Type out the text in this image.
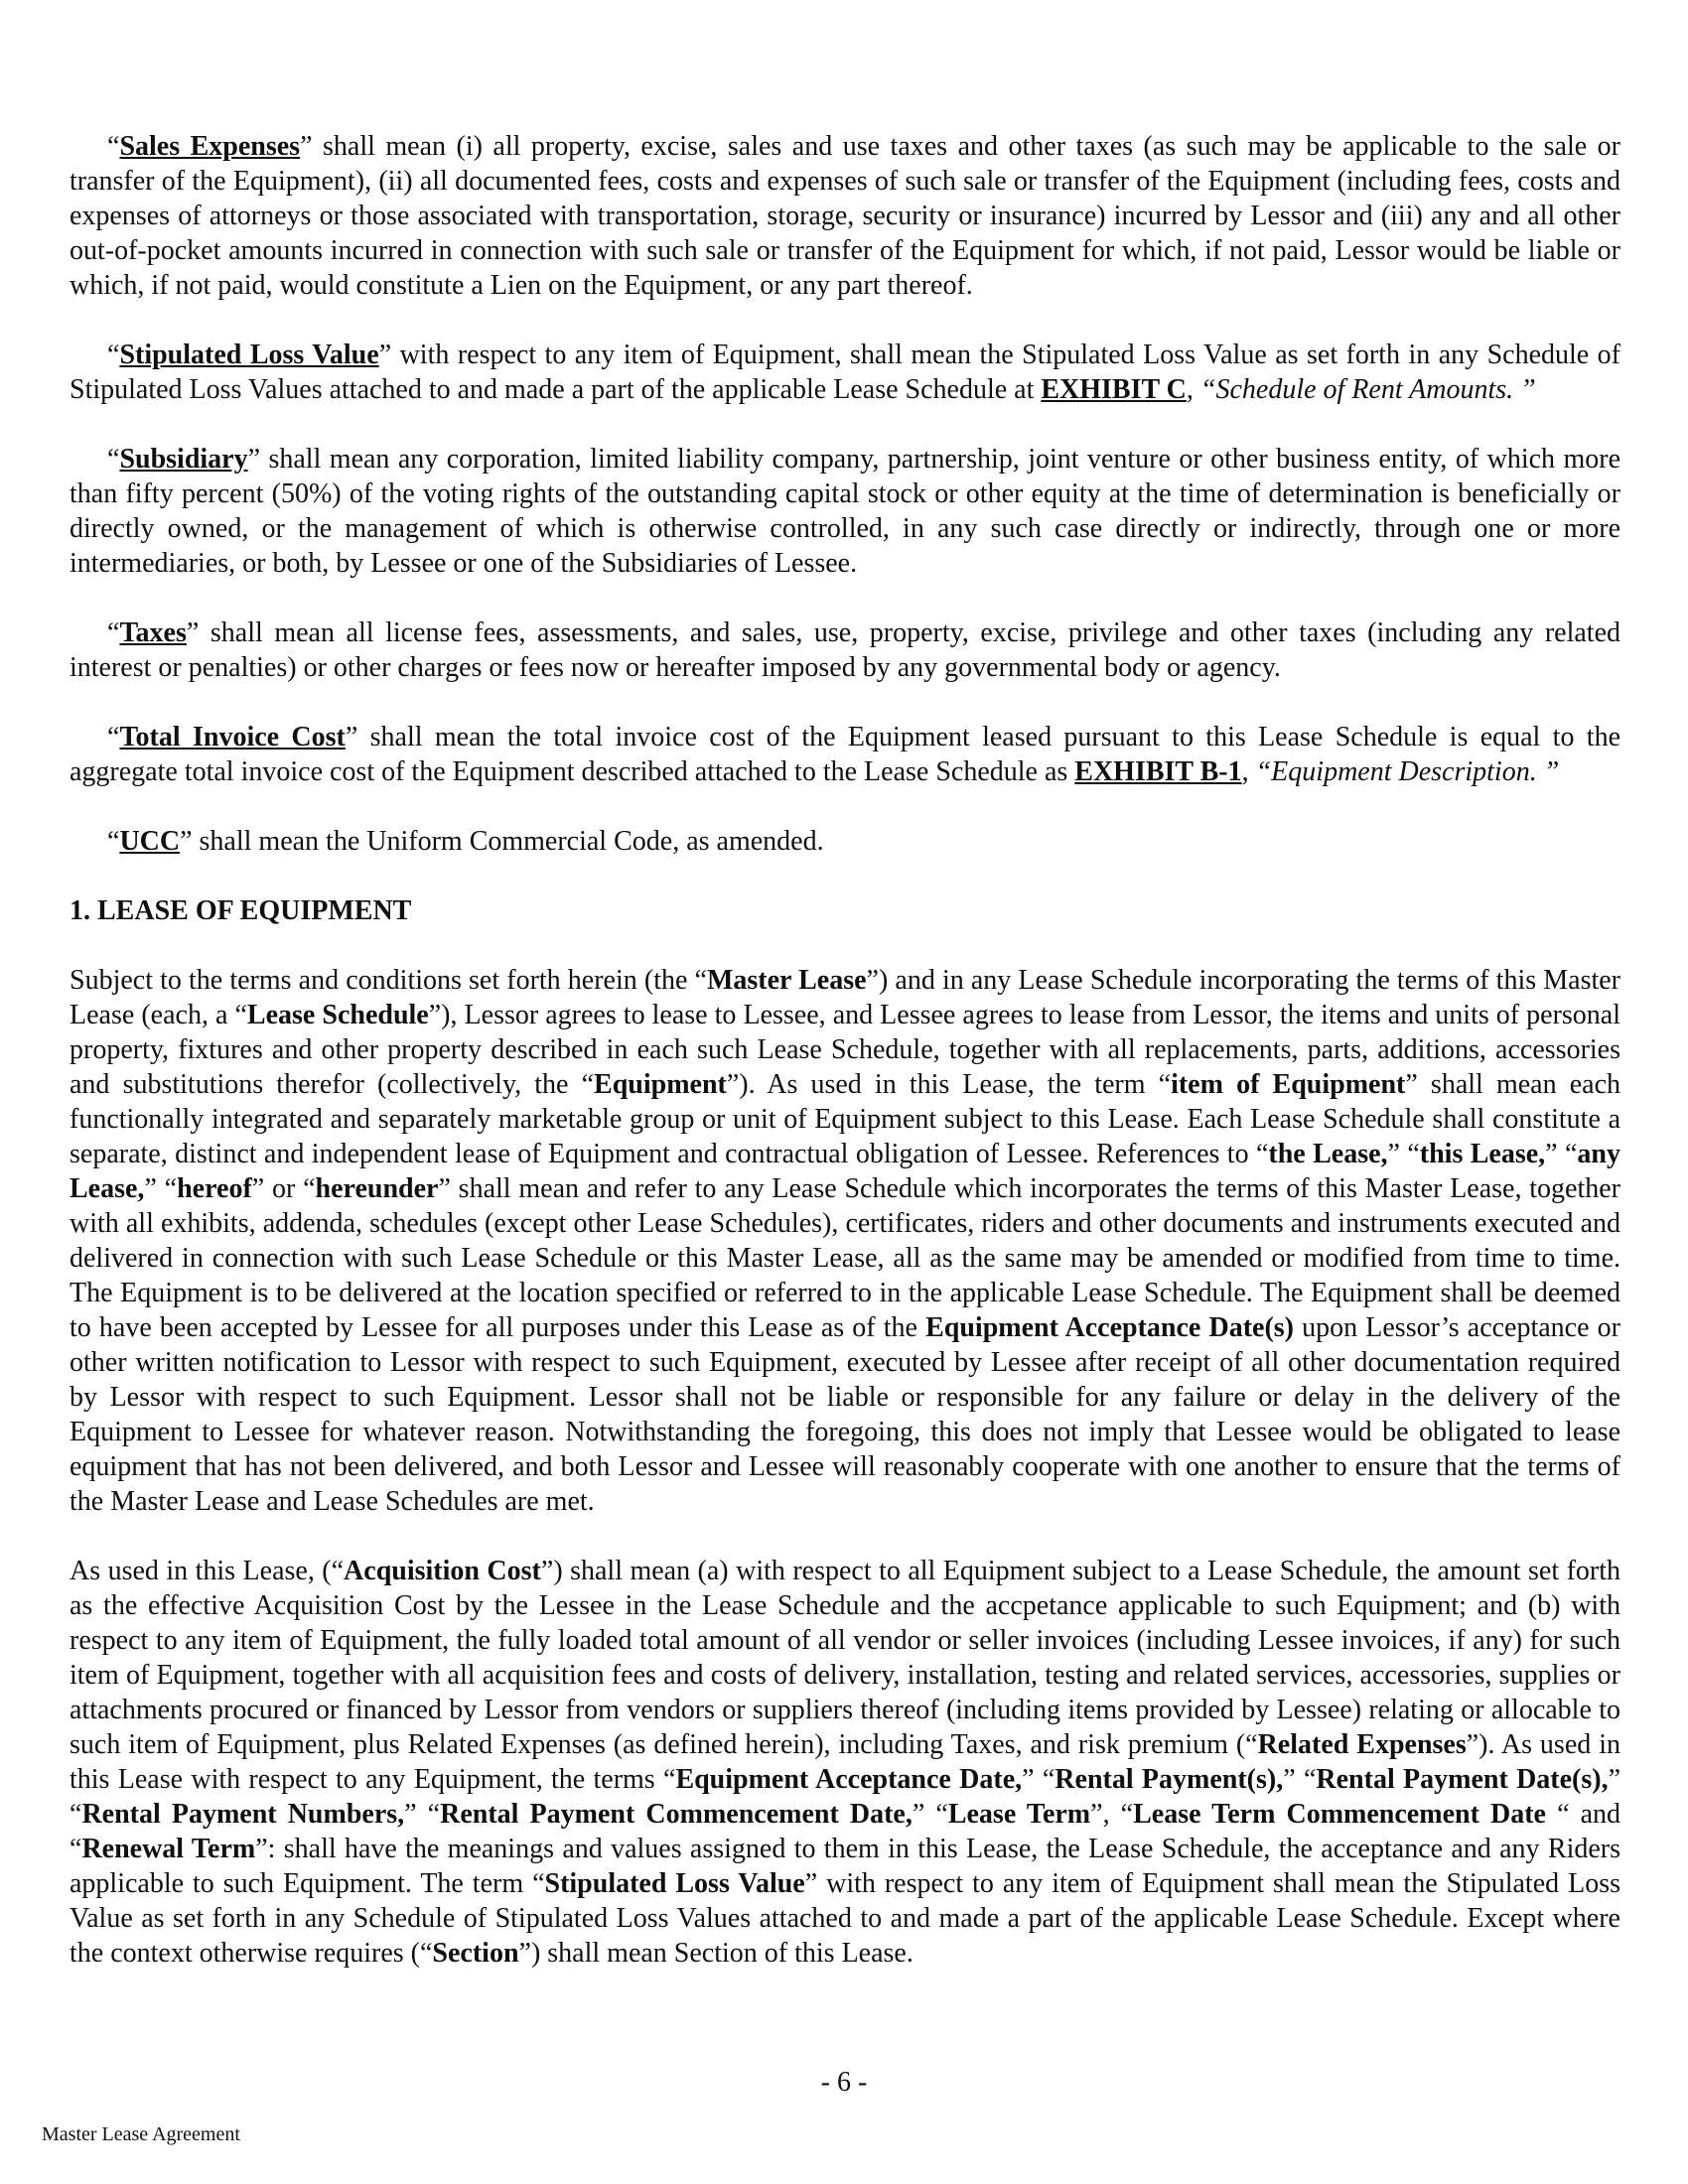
“Sales Expenses” shall mean (i) all property, excise, sales and use taxes and other taxes (as such may be applicable to the sale or transfer of the Equipment), (ii) all documented fees, costs and expenses of such sale or transfer of the Equipment (including fees, costs and expenses of attorneys or those associated with transportation, storage, security or insurance) incurred by Lessor and (iii) any and all other out-of-pocket amounts incurred in connection with such sale or transfer of the Equipment for which, if not paid, Lessor would be liable or which, if not paid, would constitute a Lien on the Equipment, or any part thereof.

“Stipulated Loss Value” with respect to any item of Equipment, shall mean the Stipulated Loss Value as set forth in any Schedule of Stipulated Loss Values attached to and made a part of the applicable Lease Schedule at EXHIBIT C, “Schedule of Rent Amounts. ”

“Subsidiary” shall mean any corporation, limited liability company, partnership, joint venture or other business entity, of which more than fifty percent (50%) of the voting rights of the outstanding capital stock or other equity at the time of determination is beneficially or directly owned, or the management of which is otherwise controlled, in any such case directly or indirectly, through one or more intermediaries, or both, by Lessee or one of the Subsidiaries of Lessee.

“Taxes” shall mean all license fees, assessments, and sales, use, property, excise, privilege and other taxes (including any related interest or penalties) or other charges or fees now or hereafter imposed by any governmental body or agency.

“Total Invoice Cost” shall mean the total invoice cost of the Equipment leased pursuant to this Lease Schedule is equal to the aggregate total invoice cost of the Equipment described attached to the Lease Schedule as EXHIBIT B-1, “Equipment Description. ”

“UCC” shall mean the Uniform Commercial Code, as amended.

1. LEASE OF EQUIPMENT

Subject to the terms and conditions set forth herein (the “Master Lease”) and in any Lease Schedule incorporating the terms of this Master Lease (each, a “Lease Schedule”), Lessor agrees to lease to Lessee, and Lessee agrees to lease from Lessor, the items and units of personal property, fixtures and other property described in each such Lease Schedule, together with all replacements, parts, additions, accessories and substitutions therefor (collectively, the “Equipment”). As used in this Lease, the term “item of Equipment” shall mean each functionally integrated and separately marketable group or unit of Equipment subject to this Lease. Each Lease Schedule shall constitute a separate, distinct and independent lease of Equipment and contractual obligation of Lessee. References to “the Lease,” “this Lease,” “any Lease,” “hereof” or “hereunder” shall mean and refer to any Lease Schedule which incorporates the terms of this Master Lease, together with all exhibits, addenda, schedules (except other Lease Schedules), certificates, riders and other documents and instruments executed and delivered in connection with such Lease Schedule or this Master Lease, all as the same may be amended or modified from time to time. The Equipment is to be delivered at the location specified or referred to in the applicable Lease Schedule. The Equipment shall be deemed to have been accepted by Lessee for all purposes under this Lease as of the Equipment Acceptance Date(s) upon Lessor’s acceptance or other written notification to Lessor with respect to such Equipment, executed by Lessee after receipt of all other documentation required by Lessor with respect to such Equipment. Lessor shall not be liable or responsible for any failure or delay in the delivery of the Equipment to Lessee for whatever reason. Notwithstanding the foregoing, this does not imply that Lessee would be obligated to lease equipment that has not been delivered, and both Lessor and Lessee will reasonably cooperate with one another to ensure that the terms of the Master Lease and Lease Schedules are met.

As used in this Lease, (“Acquisition Cost”) shall mean (a) with respect to all Equipment subject to a Lease Schedule, the amount set forth as the effective Acquisition Cost by the Lessee in the Lease Schedule and the accpetance applicable to such Equipment; and (b) with respect to any item of Equipment, the fully loaded total amount of all vendor or seller invoices (including Lessee invoices, if any) for such item of Equipment, together with all acquisition fees and costs of delivery, installation, testing and related services, accessories, supplies or attachments procured or financed by Lessor from vendors or suppliers thereof (including items provided by Lessee) relating or allocable to such item of Equipment, plus Related Expenses (as defined herein), including Taxes, and risk premium (“Related Expenses”). As used in this Lease with respect to any Equipment, the terms “Equipment Acceptance Date,” “Rental Payment(s),” “Rental Payment Date(s),” “Rental Payment Numbers,” “Rental Payment Commencement Date,” “Lease Term”, “Lease Term Commencement Date “ and “Renewal Term”: shall have the meanings and values assigned to them in this Lease, the Lease Schedule, the acceptance and any Riders applicable to such Equipment. The term “Stipulated Loss Value” with respect to any item of Equipment shall mean the Stipulated Loss Value as set forth in any Schedule of Stipulated Loss Values attached to and made a part of the applicable Lease Schedule. Except where the context otherwise requires (“Section”) shall mean Section of this Lease.

- 6 -
Master Lease Agreement
